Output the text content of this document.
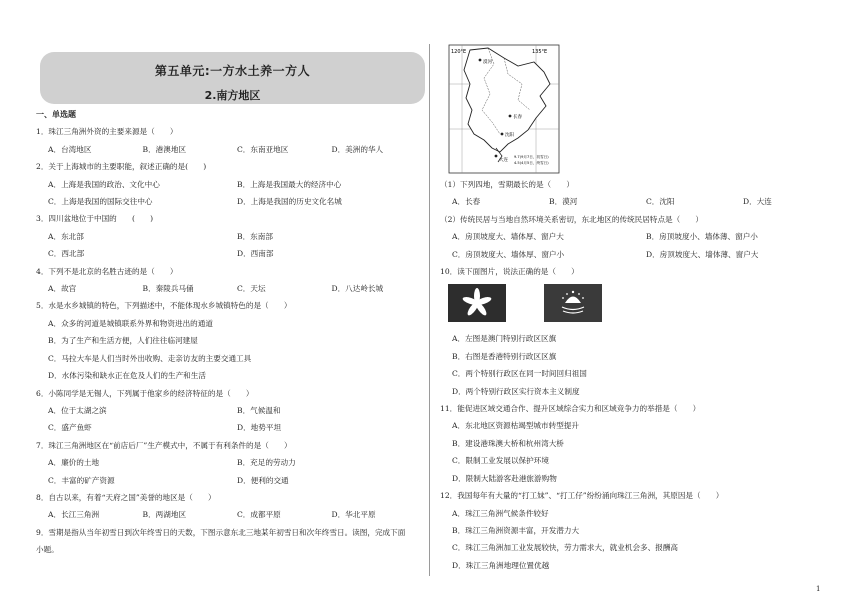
第五单元:一方水土养一方人
2.南方地区
一、单选题
1．珠江三角洲外资的主要来源是（　　）
A．台湾地区	B．港澳地区	C．东南亚地区	D．美洲的华人
2．关于上海城市的主要职能，叙述正确的是(　　)
A．上海是我国的政治、文化中心	B．上海是我国最大的经济中心
C．上海是我国的国际交往中心	D．上海是我国的历史文化名城
3．四川盆地位于中国的　　(　　)
A．东北部	B．东南部
C．西北部	D．西南部
4．下列不是北京的名胜古迹的是（　　）
A．故宫	B．秦陵兵马俑	C．天坛	D．八达岭长城
5．水是水乡城镇的特色，下列描述中，不能体现水乡城镇特色的是（　　）
A．众多的河道是城镇联系外界和物资进出的通道
B．为了生产和生活方便，人们往往临河建屋
C．马拉大车是人们当时外出收购、走亲访友的主要交通工具
D．水体污染和缺水正在危及人们的生产和生活
6．小陈同学是无锡人，下列属于他家乡的经济特征的是（　　）
A．位于太湖之滨	B．气候温和
C．盛产鱼虾	D．地势平坦
7．珠江三角洲地区在“前店后厂”生产模式中，不属于有利条件的是（　　）
A．廉价的土地	B．充足的劳动力
C．丰富的矿产资源	D．便利的交通
8．自古以来，有着“天府之国”美誉的地区是（　　）
A．长江三角洲	B．两湖地区	C．成都平原	D．华北平原
9．雪期是指从当年初雪日到次年终雪日的天数，下图示意东北三地某年初雪日和次年终雪日。读图，完成下面
小题。
120°E	135°E
漠河
长春
大连
沈阳
9.7(9月7日，初雪日)
4.5(4月5日，终雪日)
（1）下列四地，雪期最长的是（　　）
A．长春	B．漠河	C．沈阳	D．大连
（2）传统民居与当地自然环境关系密切，东北地区的传统民居特点是（　　）
A．房顶坡度大、墙体厚、窗户大	B．房顶坡度小、墙体薄、窗户小
C．房顶坡度大、墙体厚、窗户小	D．房顶坡度大、墙体薄、窗户大
10．读下面图片，说法正确的是（　　）
A．左图是澳门特别行政区区旗
B．右图是香港特别行政区区旗
C．两个特别行政区在同一时间回归祖国
D．两个特别行政区实行资本主义制度
11．能促进区域交通合作、提升区域综合实力和区域竞争力的举措是（　　）
A．东北地区资源枯竭型城市转型提升
B．建设港珠澳大桥和杭州湾大桥
C．限制工业发展以保护环境
D．限制大陆游客赴港旅游购物
12．我国每年有大量的“打工妹”、“打工仔”纷纷涌向珠江三角洲，其原因是（　　）
A．珠江三角洲气候条件较好
B．珠江三角洲资源丰富，开发潜力大
C．珠江三角洲加工业发展较快，劳力需求大，就业机会多、报酬高
D．珠江三角洲地理位置优越
1
